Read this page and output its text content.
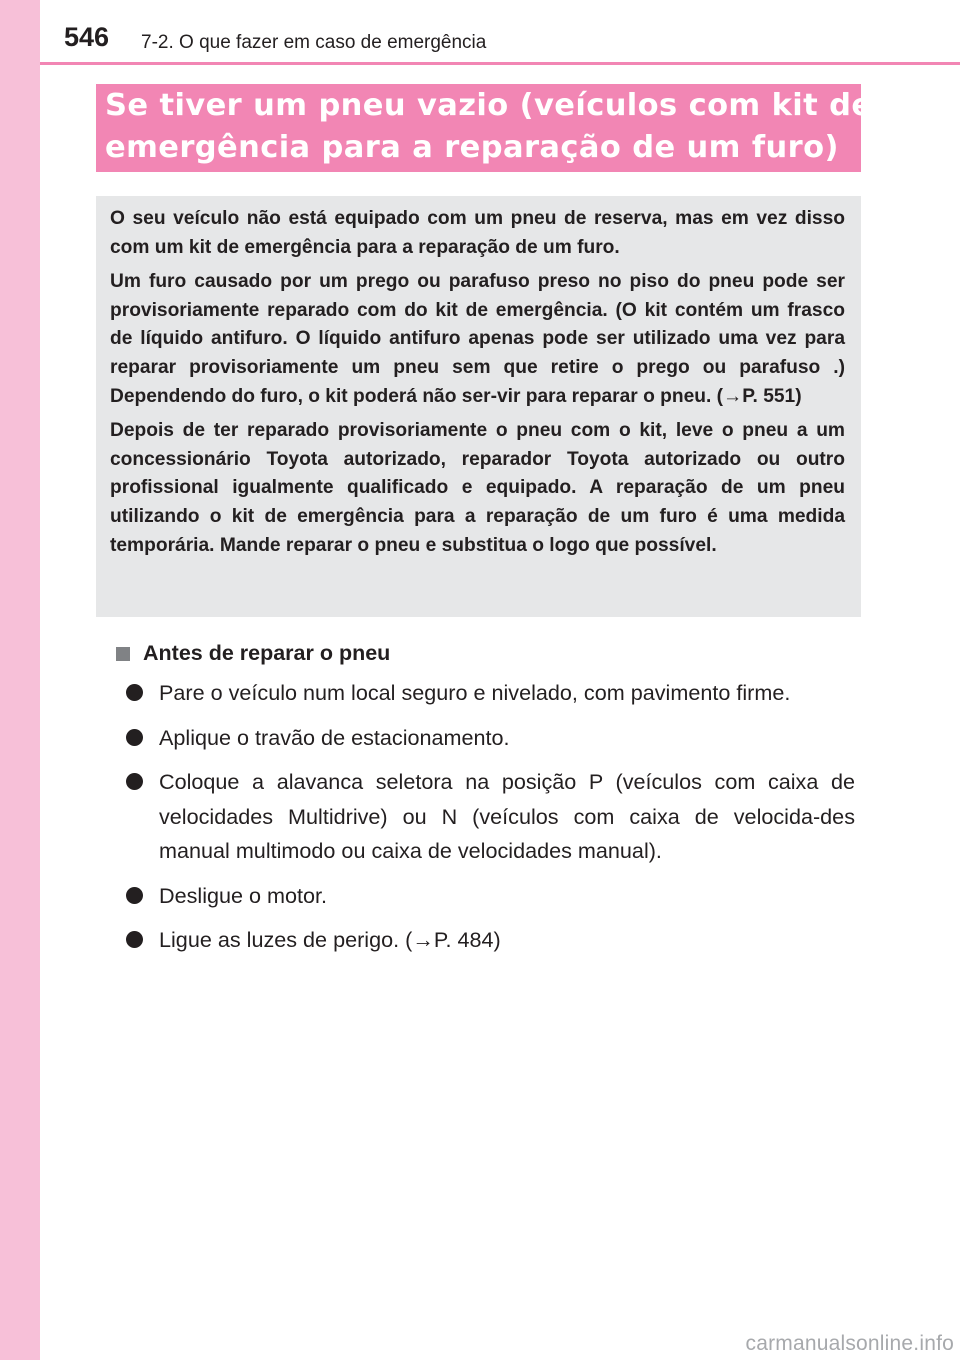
546 7-2. O que fazer em caso de emergência
Se tiver um pneu vazio (veículos com kit de
emergência para a reparação de um furo)

O seu veículo não está equipado com um pneu de reserva, mas em vez disso com um kit de emergência para a reparação de um furo.

Um furo causado por um prego ou parafuso preso no piso do pneu pode ser provisoriamente reparado com do kit de emergência. (O kit contém um frasco de líquido antifuro. O líquido antifuro apenas pode ser utilizado uma vez para reparar provisoriamente um pneu sem que retire o prego ou parafuso .) Dependendo do furo, o kit poderá não ser-vir para reparar o pneu. (→P. 551)

Depois de ter reparado provisoriamente o pneu com o kit, leve o pneu a um concessionário Toyota autorizado, reparador Toyota autorizado ou outro profissional igualmente qualificado e equipado. A reparação de um pneu utilizando o kit de emergência para a reparação de um furo é uma medida temporária. Mande reparar o pneu e substitua o logo que possível.

Antes de reparar o pneu
Pare o veículo num local seguro e nivelado, com pavimento firme.
Aplique o travão de estacionamento.
Coloque a alavanca seletora na posição P (veículos com caixa de velocidades Multidrive) ou N (veículos com caixa de velocida-des manual multimodo ou caixa de velocidades manual).
Desligue o motor.
Ligue as luzes de perigo. (→P. 484)
carmanualsonline.info
